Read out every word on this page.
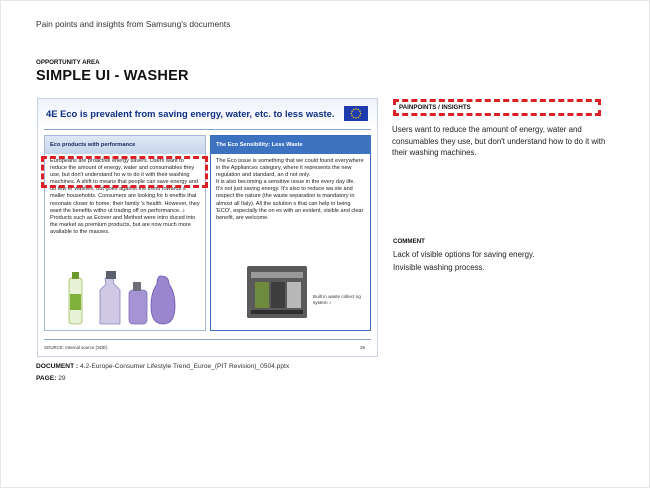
Pain points and insights from Samsung's documents
OPPORTUNITY AREA
SIMPLE UI - WASHER
4E Eco is prevalent from saving energy, water, etc. to less waste.
Eco products with performance
Europeans are proactive energy savers. Users want to reduce the amount of energy, water and consumables they use, but don't understand ho w to do it with their washing machines. A shift to means that people can save energy and do few er washes, but goes against the trend towards s maller households. Consumers are looking for b enefits that resonate closer to home; their family 's health. However, they want the benefits witho ut trading off on performance. ♪
Products such as Ecover and Method were intro duced into the market as premium products, but are now much more available to the masses.
The Eco Sensibility: Less Waste
The Eco issue is something that we could found everywhere in the Appliances category, where it represents the new regulation and standard, an d not only.
It is also becoming a sensitive issue in the every day life.
It's not just saving energy. It's also to reduce wa ste and respect the nature (the waste separation is mandatory in almost all Italy). All the solution s that can help in being 'ECO', especially the on es with an evident, visible and clear benefit, are welcome.
Built in waste collect ng system ♪
SOURCE: Internal source (SDE)	29
PAINPOINTS / INSIGHTS
Users want to reduce the amount of energy, water and consumables they use, but don't understand how to do it with their washing machines.
COMMENT
Lack of visible options for saving energy.
Invisible washing process.
DOCUMENT : 4.2-Europe-Consumer Lifestyle Trend_Euroe_(PIT Revision)_0504.pptx
PAGE: 29
